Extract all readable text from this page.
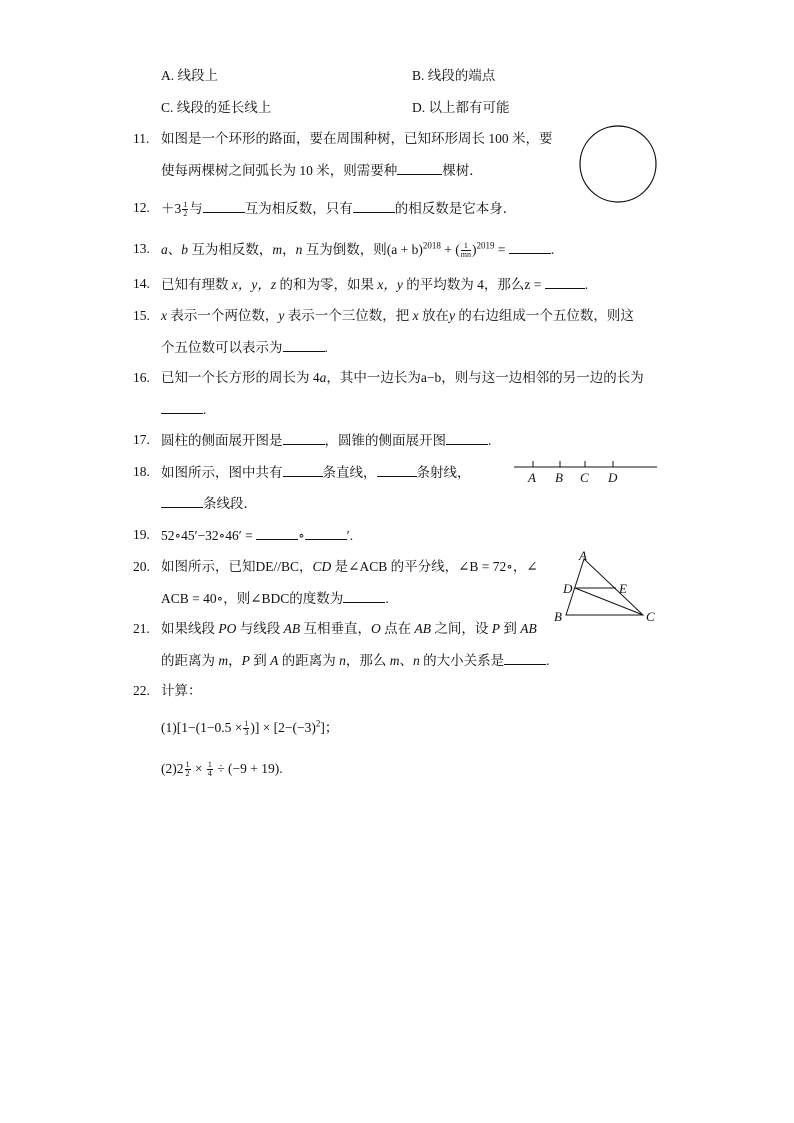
A. 线段上	B. 线段的端点
C. 线段的延长线上	D. 以上都有可能
11. 如图是一个环形的路面，要在周围种树，已知环形周长 100 米，要
使每两棵树之间弧长为 10 米，则需要种	棵树．
12. $+3 \frac{1}{2}$ 与	互为相反数，只有	的相反数是它本身．
13. a、b 互为相反数，m，n 互为倒数，则$(a + b)^{2018}$ + ( $\frac{1}{mn} )^{2019}$ =	.
14. 已知有理数 x，y，z 的和为零，如果 x，y 的平均数为 4，那么z =	.
15. x 表示一个两位数，y 表示一个三位数，把 x 放在y 的右边组成一个五位数，则这
个五位数可以表示为	.
16. 已知一个长方形的周长为 4a，其中一边长为a−b，则与这一边相邻的另一边的长为
.
17. 圆柱的侧面展开图是	，圆锥的侧面展开图	.
18. 如图所示，图中共有	条直线，	条射线，
条线段．
A B C D
19. 52∘45′−32∘46′ =	∘	′.
20. 如图所示，已知DE//BC，CD 是∠ACB 的平分线，∠B = 72∘，∠
ACB = 40∘，则∠BDC的度数为	.
A
D	E
B	C
21. 如果线段 PO 与线段 AB 互相垂直，O 点在 AB 之间，设 P 到 AB
的距离为 m，P 到 A 的距离为 n，那么 m、n 的大小关系是	.
22. 计算：
$(1)[1-(1-0.5 \times \frac{1}{3}$ )] × $[2-(-3)^2]$；
$(2)2 \frac{1}{2} \times \frac{1}{4} \div (-9 + 19)$.
